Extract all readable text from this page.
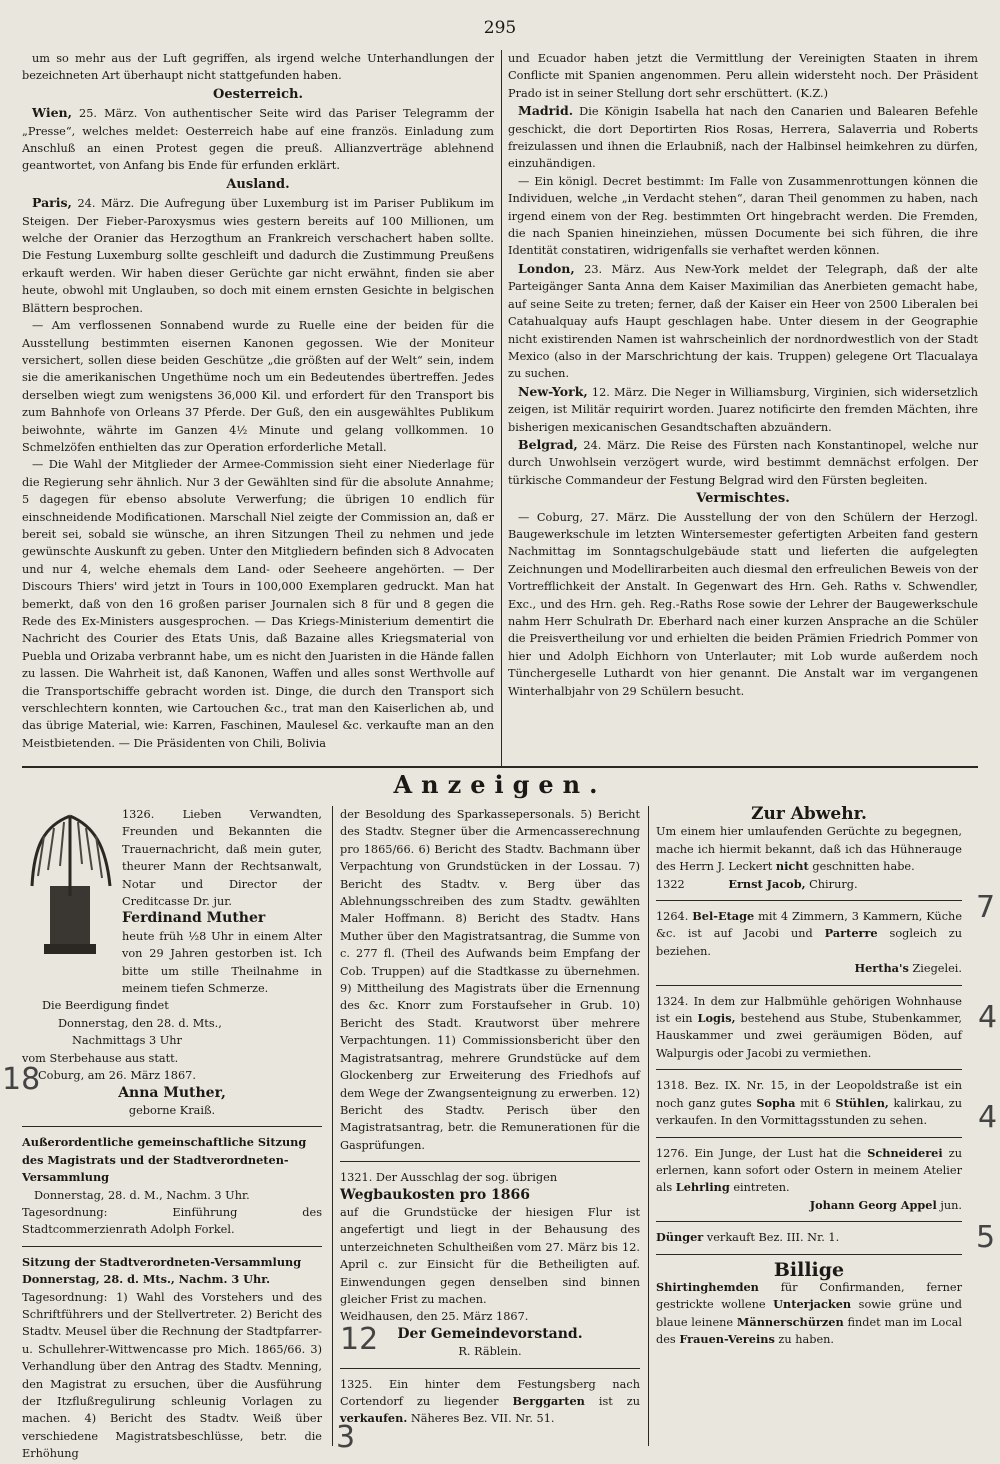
295

um so mehr aus der Luft gegriffen, als irgend welche Unterhandlungen der bezeichneten Art überhaupt nicht stattgefunden haben.

Oesterreich.

Wien, 25. März. Von authentischer Seite wird das Pariser Telegramm der „Presse“, welches meldet: Oesterreich habe auf eine französ. Einladung zum Anschluß an einen Protest gegen die preuß. Allianzverträge ablehnend geantwortet, von Anfang bis Ende für erfunden erklärt.

Ausland.

Paris, 24. März. Die Aufregung über Luxemburg ist im Pariser Publikum im Steigen. Der Fieber-Paroxysmus wies gestern bereits auf 100 Millionen, um welche der Oranier das Herzogthum an Frankreich verschachert haben sollte. Die Festung Luxemburg sollte geschleift und dadurch die Zustimmung Preußens erkauft werden. Wir haben dieser Gerüchte gar nicht erwähnt, finden sie aber heute, obwohl mit Unglauben, so doch mit einem ernsten Gesichte in belgischen Blättern besprochen.

— Am verflossenen Sonnabend wurde zu Ruelle eine der beiden für die Ausstellung bestimmten eisernen Kanonen gegossen. Wie der Moniteur versichert, sollen diese beiden Geschütze „die größten auf der Welt“ sein, indem sie die amerikanischen Ungethüme noch um ein Bedeutendes übertreffen. Jedes derselben wiegt zum wenigstens 36,000 Kil. und erfordert für den Transport bis zum Bahnhofe von Orleans 37 Pferde. Der Guß, den ein ausgewähltes Publikum beiwohnte, währte im Ganzen 4½ Minute und gelang vollkommen. 10 Schmelzöfen enthielten das zur Operation erforderliche Metall.

— Die Wahl der Mitglieder der Armee-Commission sieht einer Niederlage für die Regierung sehr ähnlich. Nur 3 der Gewählten sind für die absolute Annahme; 5 dagegen für ebenso absolute Verwerfung; die übrigen 10 endlich für einschneidende Modificationen. Marschall Niel zeigte der Commission an, daß er bereit sei, sobald sie wünsche, an ihren Sitzungen Theil zu nehmen und jede gewünschte Auskunft zu geben. Unter den Mitgliedern befinden sich 8 Advocaten und nur 4, welche ehemals dem Land- oder Seeheere angehörten. — Der Discours Thiers' wird jetzt in Tours in 100,000 Exemplaren gedruckt. Man hat bemerkt, daß von den 16 großen pariser Journalen sich 8 für und 8 gegen die Rede des Ex-Ministers ausgesprochen. — Das Kriegs-Ministerium dementirt die Nachricht des Courier des Etats Unis, daß Bazaine alles Kriegsmaterial von Puebla und Orizaba verbrannt habe, um es nicht den Juaristen in die Hände fallen zu lassen. Die Wahrheit ist, daß Kanonen, Waffen und alles sonst Werthvolle auf die Transportschiffe gebracht worden ist. Dinge, die durch den Transport sich verschlechtern konnten, wie Cartouchen &c., trat man den Kaiserlichen ab, und das übrige Material, wie: Karren, Faschinen, Maulesel &c. verkaufte man an den Meistbietenden. — Die Präsidenten von Chili, Bolivia

und Ecuador haben jetzt die Vermittlung der Vereinigten Staaten in ihrem Conflicte mit Spanien angenommen. Peru allein widersteht noch. Der Präsident Prado ist in seiner Stellung dort sehr erschüttert. (K.Z.)

Madrid. Die Königin Isabella hat nach den Canarien und Balearen Befehle geschickt, die dort Deportirten Rios Rosas, Herrera, Salaverria und Roberts freizulassen und ihnen die Erlaubniß, nach der Halbinsel heimkehren zu dürfen, einzuhändigen.

— Ein königl. Decret bestimmt: Im Falle von Zusammenrottungen können die Individuen, welche „in Verdacht stehen“, daran Theil genommen zu haben, nach irgend einem von der Reg. bestimmten Ort hingebracht werden. Die Fremden, die nach Spanien hineinziehen, müssen Documente bei sich führen, die ihre Identität constatiren, widrigenfalls sie verhaftet werden können.

London, 23. März. Aus New-York meldet der Telegraph, daß der alte Parteigänger Santa Anna dem Kaiser Maximilian das Anerbieten gemacht habe, auf seine Seite zu treten; ferner, daß der Kaiser ein Heer von 2500 Liberalen bei Catahualquay aufs Haupt geschlagen habe. Unter diesem in der Geographie nicht existirenden Namen ist wahrscheinlich der nordnordwestlich von der Stadt Mexico (also in der Marschrichtung der kais. Truppen) gelegene Ort Tlacualaya zu suchen.

New-York, 12. März. Die Neger in Williamsburg, Virginien, sich widersetzlich zeigen, ist Militär requirirt worden. Juarez notificirte den fremden Mächten, ihre bisherigen mexicanischen Gesandtschaften abzuändern.

Belgrad, 24. März. Die Reise des Fürsten nach Konstantinopel, welche nur durch Unwohlsein verzögert wurde, wird bestimmt demnächst erfolgen. Der türkische Commandeur der Festung Belgrad wird den Fürsten begleiten.

Vermischtes.

— Coburg, 27. März. Die Ausstellung der von den Schülern der Herzogl. Baugewerkschule im letzten Wintersemester gefertigten Arbeiten fand gestern Nachmittag im Sonntagschulgebäude statt und lieferten die aufgelegten Zeichnungen und Modellirarbeiten auch diesmal den erfreulichen Beweis von der Vortrefflichkeit der Anstalt. In Gegenwart des Hrn. Geh. Raths v. Schwendler, Exc., und des Hrn. geh. Reg.-Raths Rose sowie der Lehrer der Baugewerkschule nahm Herr Schulrath Dr. Eberhard nach einer kurzen Ansprache an die Schüler die Preisvertheilung vor und erhielten die beiden Prämien Friedrich Pommer von hier und Adolph Eichhorn von Unterlauter; mit Lob wurde außerdem noch Tünchergeselle Luthardt von hier genannt. Die Anstalt war im vergangenen Winterhalbjahr von 29 Schülern besucht.

Anzeigen.
1326. Lieben Verwandten, Freunden und Bekannten die Trauernachricht, daß mein guter, theurer Mann der Rechtsanwalt, Notar und Director der Creditcasse Dr. jur.
Ferdinand Muther
heute früh ½8 Uhr in einem Alter von 29 Jahren gestorben ist. Ich bitte um stille Theilnahme in meinem tiefen Schmerze.
Die Beerdigung findet
Donnerstag, den 28. d. Mts.,
Nachmittags 3 Uhr
vom Sterbehause aus statt.
Coburg, am 26. März 1867.
Anna Muther,
geborne Kraiß.
Außerordentliche gemeinschaftliche Sitzung des Magistrats und der Stadtverordneten-Versammlung
Donnerstag, 28. d. M., Nachm. 3 Uhr.
Tagesordnung: Einführung des Stadtcommerzienrath Adolph Forkel.
Sitzung der Stadtverordneten-Versammlung Donnerstag, 28. d. Mts., Nachm. 3 Uhr.
Tagesordnung: 1) Wahl des Vorstehers und des Schriftführers und der Stellvertreter. 2) Bericht des Stadtv. Meusel über die Rechnung der Stadtpfarrer- u. Schullehrer-Wittwencasse pro Mich. 1865/66. 3) Verhandlung über den Antrag des Stadtv. Menning, den Magistrat zu ersuchen, über die Ausführung der Itzflußregulirung schleunig Vorlagen zu machen. 4) Bericht des Stadtv. Weiß über verschiedene Magistratsbeschlüsse, betr. die Erhöhung
der Besoldung des Sparkassepersonals. 5) Bericht des Stadtv. Stegner über die Armencasserechnung pro 1865/66. 6) Bericht des Stadtv. Bachmann über Verpachtung von Grundstücken in der Lossau. 7) Bericht des Stadtv. v. Berg über das Ablehnungsschreiben des zum Stadtv. gewählten Maler Hoffmann. 8) Bericht des Stadtv. Hans Muther über den Magistratsantrag, die Summe von c. 277 fl. (Theil des Aufwands beim Empfang der Cob. Truppen) auf die Stadtkasse zu übernehmen. 9) Mittheilung des Magistrats über die Ernennung des &c. Knorr zum Forstaufseher in Grub. 10) Bericht des Stadt. Krautworst über mehrere Verpachtungen. 11) Commissionsbericht über den Magistratsantrag, mehrere Grundstücke auf dem Glockenberg zur Erweiterung des Friedhofs auf dem Wege der Zwangsenteignung zu erwerben. 12) Bericht des Stadtv. Perisch über den Magistratsantrag, betr. die Remunerationen für die Gasprüfungen.
1321. Der Ausschlag der sog. übrigen
Wegbaukosten pro 1866
auf die Grundstücke der hiesigen Flur ist angefertigt und liegt in der Behausung des unterzeichneten Schultheißen vom 27. März bis 12. April c. zur Einsicht für die Betheiligten auf. Einwendungen gegen denselben sind binnen gleicher Frist zu machen.
Weidhausen, den 25. März 1867.
Der Gemeindevorstand.
R. Räblein.
1325. Ein hinter dem Festungsberg nach Cortendorf zu liegender Berggarten ist zu verkaufen. Näheres Bez. VII. Nr. 51.
Zur Abwehr.
Um einem hier umlaufenden Gerüchte zu begegnen, mache ich hiermit bekannt, daß ich das Hühnerauge des Herrn J. Leckert nicht geschnitten habe.
1322	Ernst Jacob, Chirurg.
1264. Bel-Etage mit 4 Zimmern, 3 Kammern, Küche &c. ist auf Jacobi und Parterre sogleich zu beziehen.
Hertha's Ziegelei.
1324. In dem zur Halbmühle gehörigen Wohnhause ist ein Logis, bestehend aus Stube, Stubenkammer, Hauskammer und zwei geräumigen Böden, auf Walpurgis oder Jacobi zu vermiethen.
1318. Bez. IX. Nr. 15, in der Leopoldstraße ist ein noch ganz gutes Sopha mit 6 Stühlen, kalirkau, zu verkaufen. In den Vormittagsstunden zu sehen.
1276. Ein Junge, der Lust hat die Schneiderei zu erlernen, kann sofort oder Ostern in meinem Atelier als Lehrling eintreten.
Johann Georg Appel jun.
Dünger verkauft Bez. III. Nr. 1.
Billige
Shirtinghemden für Confirmanden, ferner gestrickte wollene Unterjacken sowie grüne und blaue leinene Männerschürzen findet man im Local des Frauen-Vereins zu haben.
7
4
4
5
18
12
3
